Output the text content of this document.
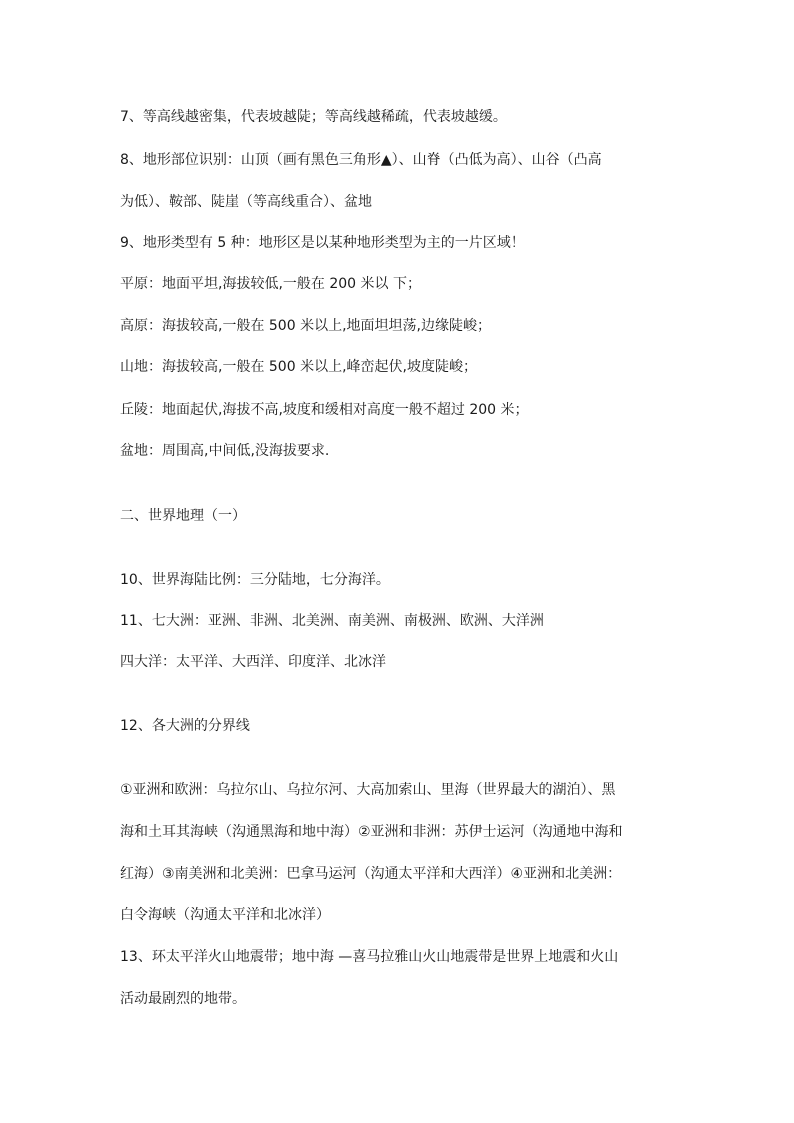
7、等高线越密集，代表坡越陡；等高线越稀疏，代表坡越缓。
8、地形部位识别：山顶（画有黑色三角形▲）、山脊（凸低为高）、山谷（凸高
为低）、鞍部、陡崖（等高线重合）、盆地
9、地形类型有 5 种：地形区是以某种地形类型为主的一片区域！
平原：地面平坦,海拔较低,一般在 200 米以 下；
高原：海拔较高,一般在 500 米以上,地面坦坦荡,边缘陡峻；
山地：海拔较高,一般在 500 米以上,峰峦起伏,坡度陡峻；
丘陵：地面起伏,海拔不高,坡度和缓相对高度一般不超过 200 米；
盆地：周围高,中间低,没海拔要求.
二、世界地理（一）
10、世界海陆比例：三分陆地，七分海洋。
11、七大洲：亚洲、非洲、北美洲、南美洲、南极洲、欧洲、大洋洲
四大洋：太平洋、大西洋、印度洋、北冰洋
12、各大洲的分界线
①亚洲和欧洲：乌拉尔山、乌拉尔河、大高加索山、里海（世界最大的湖泊）、黑
海和土耳其海峡（沟通黑海和地中海）②亚洲和非洲：苏伊士运河（沟通地中海和
红海）③南美洲和北美洲：巴拿马运河（沟通太平洋和大西洋）④亚洲和北美洲：
白令海峡（沟通太平洋和北冰洋）
13、环太平洋火山地震带；地中海 —喜马拉雅山火山地震带是世界上地震和火山
活动最剧烈的地带。
